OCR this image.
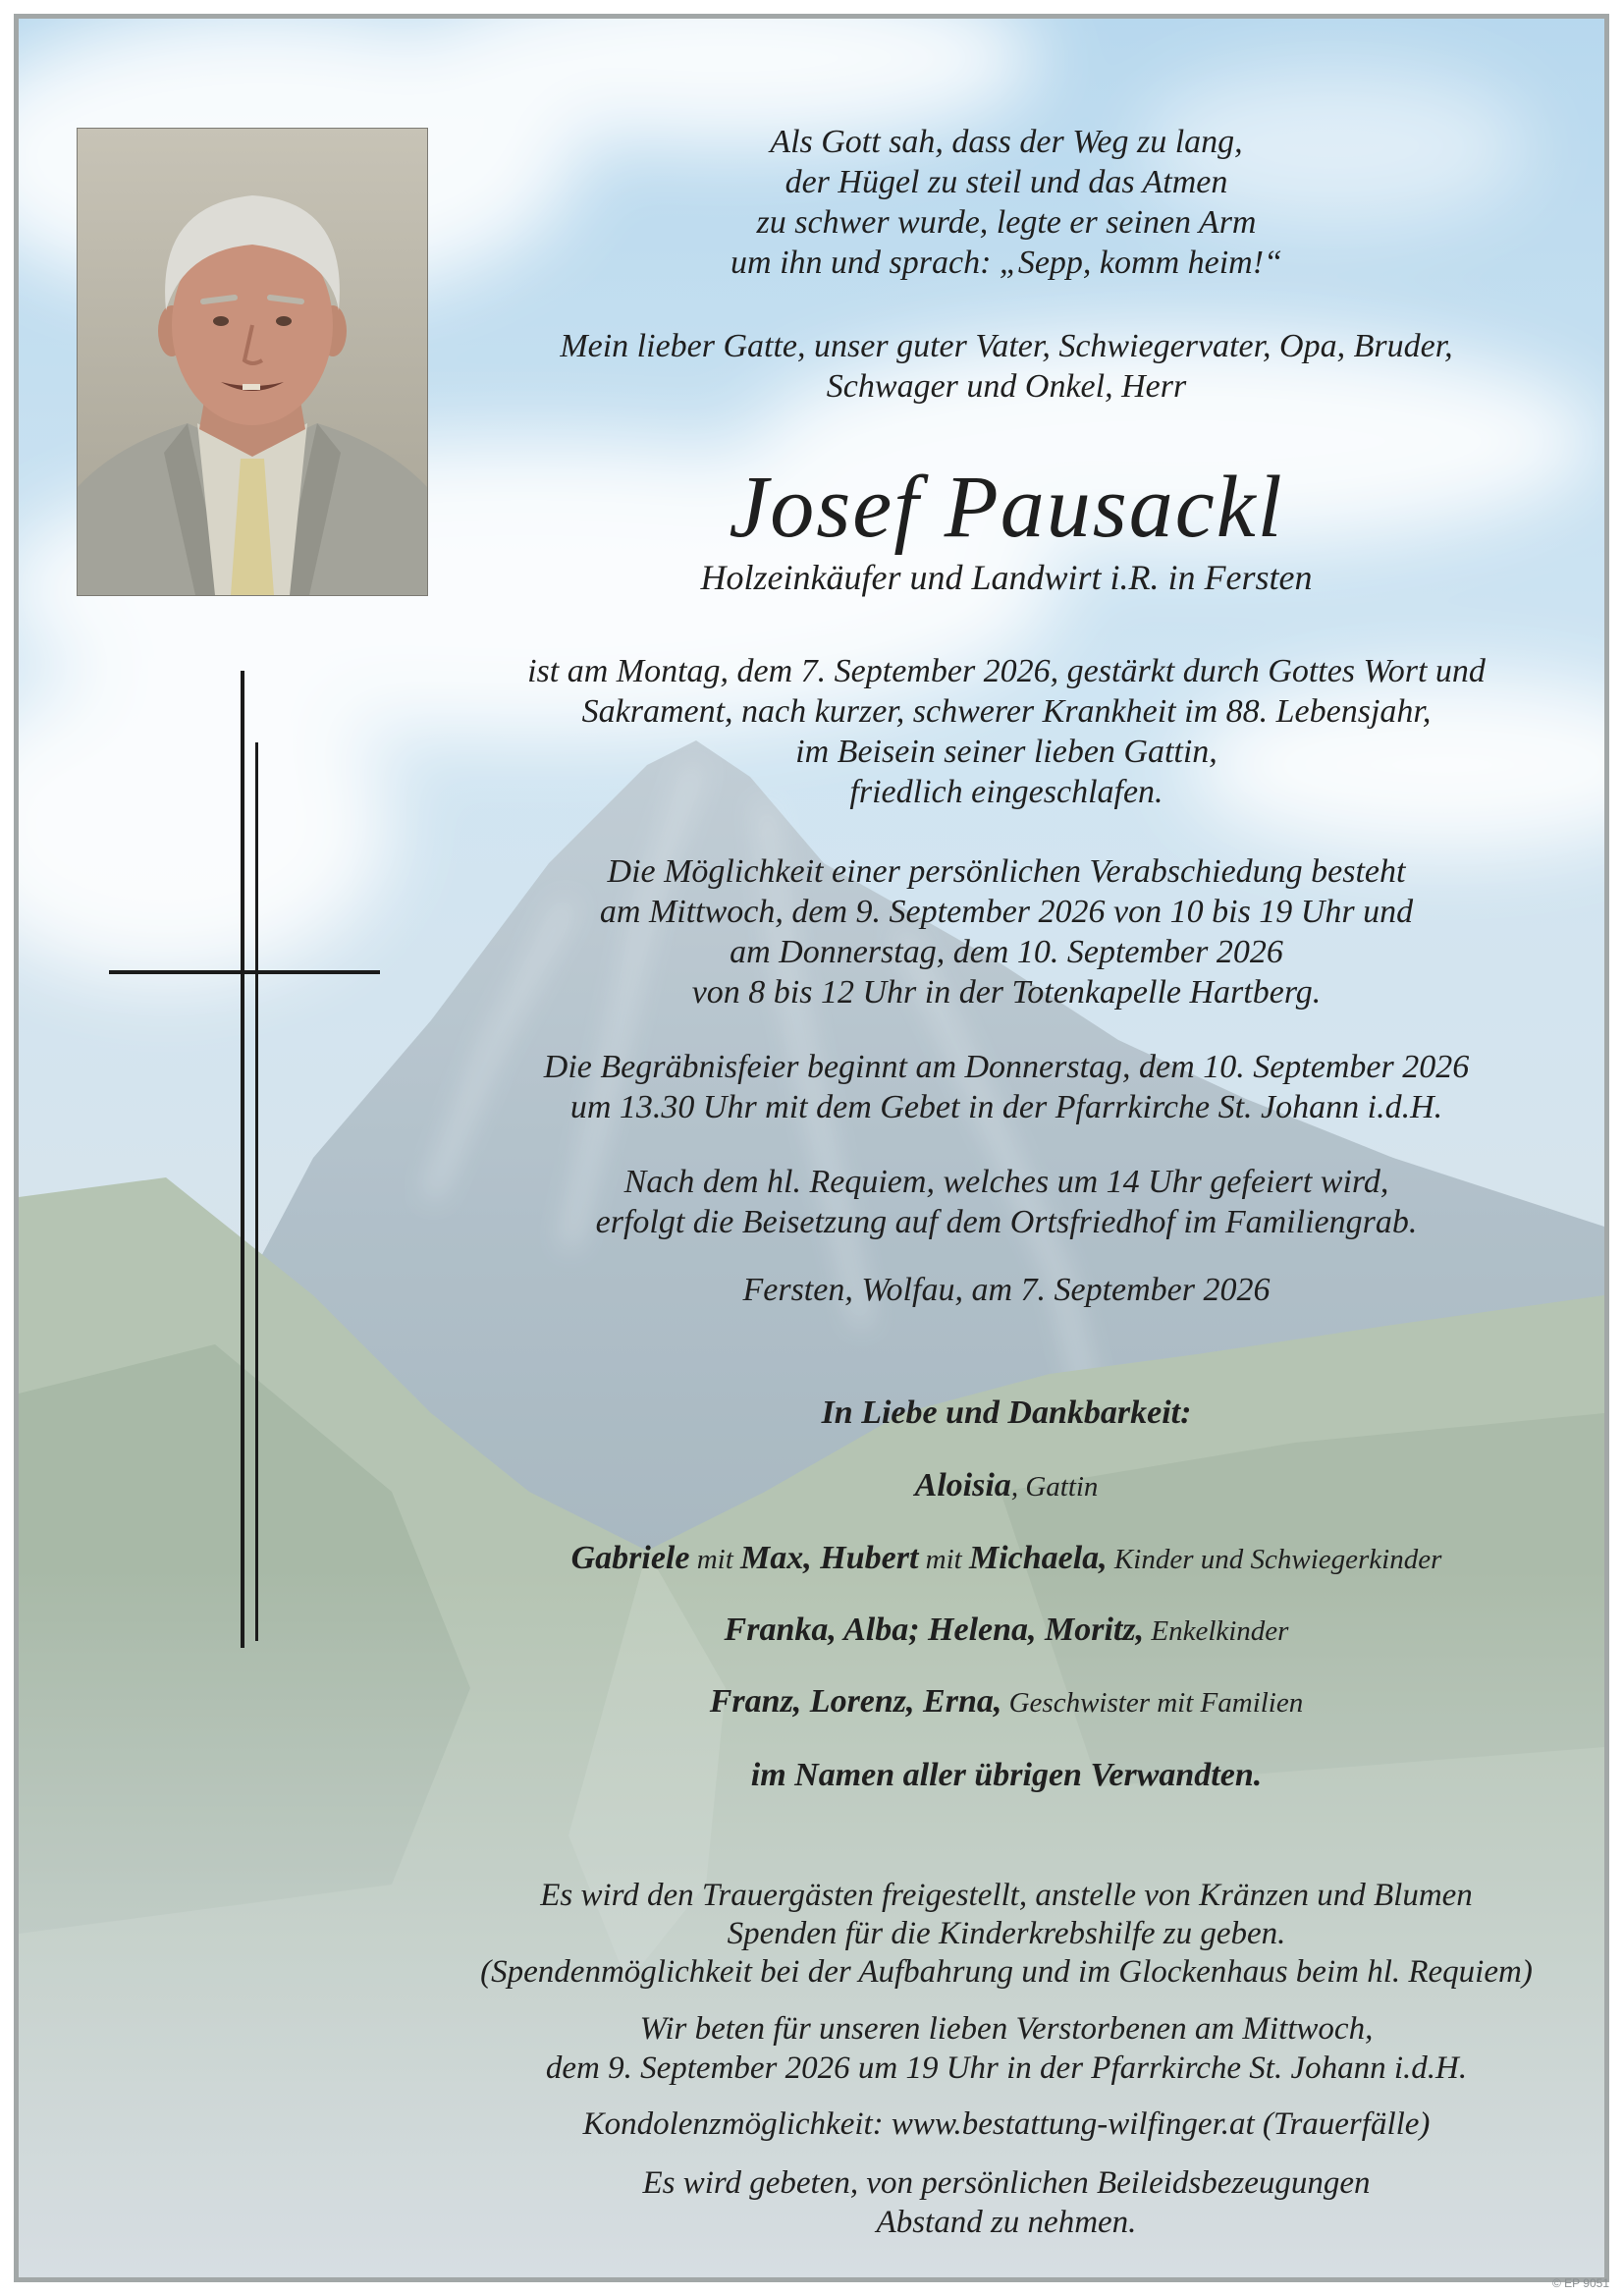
Als Gott sah, dass der Weg zu lang,
der Hügel zu steil und das Atmen
zu schwer wurde, legte er seinen Arm
um ihn und sprach: „Sepp, komm heim!“
Mein lieber Gatte, unser guter Vater, Schwiegervater, Opa, Bruder,
Schwager und Onkel, Herr
Josef Pausackl
Holzeinkäufer und Landwirt i.R. in Fersten
ist am Montag, dem 7. September 2026, gestärkt durch Gottes Wort und
Sakrament, nach kurzer, schwerer Krankheit im 88. Lebensjahr,
im Beisein seiner lieben Gattin,
friedlich eingeschlafen.
Die Möglichkeit einer persönlichen Verabschiedung besteht
am Mittwoch, dem 9. September 2026 von 10 bis 19 Uhr und
am Donnerstag, dem 10. September 2026
von 8 bis 12 Uhr in der Totenkapelle Hartberg.
Die Begräbnisfeier beginnt am Donnerstag, dem 10. September 2026
um 13.30 Uhr mit dem Gebet in der Pfarrkirche St. Johann i.d.H.
Nach dem hl. Requiem, welches um 14 Uhr gefeiert wird,
erfolgt die Beisetzung auf dem Ortsfriedhof im Familiengrab.
Fersten, Wolfau, am 7. September 2026
In Liebe und Dankbarkeit:
Aloisia, Gattin
Gabriele mit Max, Hubert mit Michaela, Kinder und Schwiegerkinder
Franka, Alba; Helena, Moritz, Enkelkinder
Franz, Lorenz, Erna, Geschwister mit Familien
im Namen aller übrigen Verwandten.
Es wird den Trauergästen freigestellt, anstelle von Kränzen und Blumen
Spenden für die Kinderkrebshilfe zu geben.
(Spendenmöglichkeit bei der Aufbahrung und im Glockenhaus beim hl. Requiem)
Wir beten für unseren lieben Verstorbenen am Mittwoch,
dem 9. September 2026 um 19 Uhr in der Pfarrkirche St. Johann i.d.H.
Kondolenzmöglichkeit: www.bestattung-wilfinger.at (Trauerfälle)
Es wird gebeten, von persönlichen Beileidsbezeugungen
Abstand zu nehmen.
© EP 9051
